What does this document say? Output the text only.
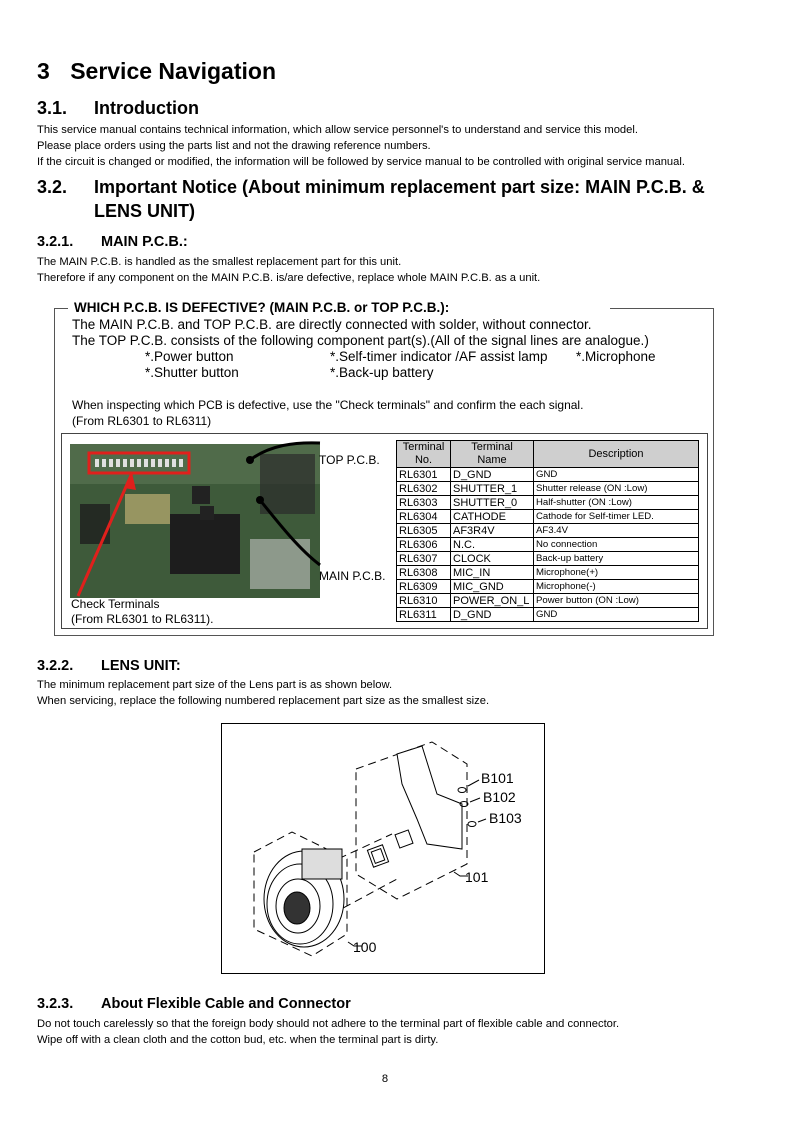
3 Service Navigation
3.1. Introduction
This service manual contains technical information, which allow service personnel's to understand and service this model.
Please place orders using the parts list and not the drawing reference numbers.
If the circuit is changed or modified, the information will be followed by service manual to be controlled with original service manual.
3.2. Important Notice (About minimum replacement part size: MAIN P.C.B. &
LENS UNIT)
3.2.1. MAIN P.C.B.:
The MAIN P.C.B. is handled as the smallest replacement part for this unit.
Therefore if any component on the MAIN P.C.B. is/are defective, replace whole MAIN P.C.B. as a unit.
WHICH P.C.B. IS DEFECTIVE? (MAIN P.C.B. or TOP P.C.B.):
The MAIN P.C.B. and TOP P.C.B. are directly connected with solder, without connector.
The TOP P.C.B. consists of the following component part(s).(All of the signal lines are analogue.)
*.Power button	*.Self-timer indicator /AF assist lamp *.Microphone
*.Shutter button	*.Back-up battery
When inspecting which PCB is defective, use the "Check terminals" and confirm the each signal.
(From RL6301 to RL6311)
TOP P.C.B.
MAIN P.C.B.
Check Terminals
(From RL6301 to RL6311).
Terminal
No.	Terminal
Name	Description
RL6301	D_GND	GND
RL6302	SHUTTER_1	Shutter release (ON :Low)
RL6303	SHUTTER_0	Half-shutter (ON :Low)
RL6304	CATHODE	Cathode for Self-timer LED.
RL6305	AF3R4V	AF3.4V
RL6306	N.C.	No connection
RL6307	CLOCK	Back-up battery
RL6308	MIC_IN	Microphone(+)
RL6309	MIC_GND	Microphone(-)
RL6310	POWER_ON_L	Power button (ON :Low)
RL6311	D_GND	GND
3.2.2. LENS UNIT:
The minimum replacement part size of the Lens part is as shown below.
When servicing, replace the following numbered replacement part size as the smallest size.
B101
B102
B103
101
100
3.2.3. About Flexible Cable and Connector
Do not touch carelessly so that the foreign body should not adhere to the terminal part of flexible cable and connector.
Wipe off with a clean cloth and the cotton bud, etc. when the terminal part is dirty.
8
